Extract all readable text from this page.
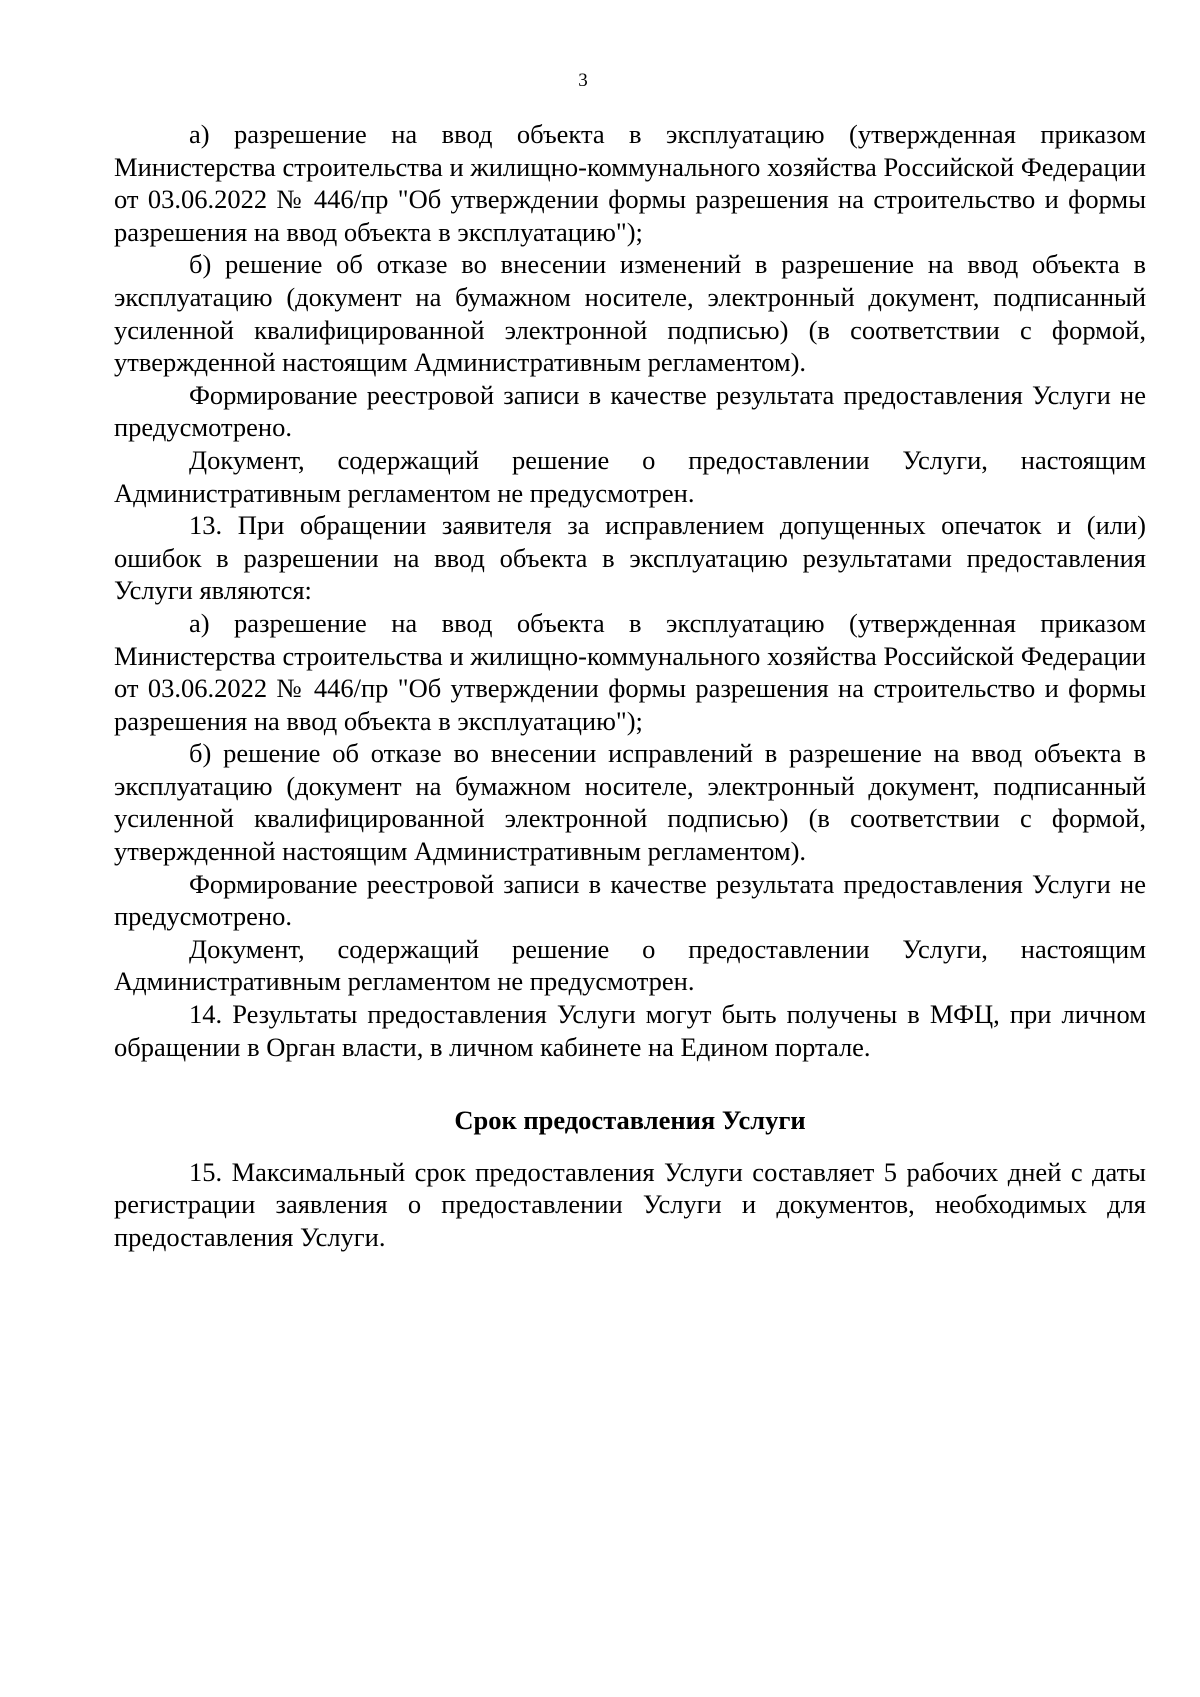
3

а) разрешение на ввод объекта в эксплуатацию (утвержденная приказом Министерства строительства и жилищно-коммунального хозяйства Российской Федерации от 03.06.2022 № 446/пр "Об утверждении формы разрешения на строительство и формы разрешения на ввод объекта в эксплуатацию");

б) решение об отказе во внесении изменений в разрешение на ввод объекта в эксплуатацию (документ на бумажном носителе, электронный документ, подписанный усиленной квалифицированной электронной подписью) (в соответствии с формой, утвержденной настоящим Административным регламентом).

Формирование реестровой записи в качестве результата предоставления Услуги не предусмотрено.

Документ, содержащий решение о предоставлении Услуги, настоящим Административным регламентом не предусмотрен.

13. При обращении заявителя за исправлением допущенных опечаток и (или) ошибок в разрешении на ввод объекта в эксплуатацию результатами предоставления Услуги являются:

а) разрешение на ввод объекта в эксплуатацию (утвержденная приказом Министерства строительства и жилищно-коммунального хозяйства Российской Федерации от 03.06.2022 № 446/пр "Об утверждении формы разрешения на строительство и формы разрешения на ввод объекта в эксплуатацию");

б) решение об отказе во внесении исправлений в разрешение на ввод объекта в эксплуатацию (документ на бумажном носителе, электронный документ, подписанный усиленной квалифицированной электронной подписью) (в соответствии с формой, утвержденной настоящим Административным регламентом).

Формирование реестровой записи в качестве результата предоставления Услуги не предусмотрено.

Документ, содержащий решение о предоставлении Услуги, настоящим Административным регламентом не предусмотрен.

14. Результаты предоставления Услуги могут быть получены в МФЦ, при личном обращении в Орган власти, в личном кабинете на Едином портале.

Срок предоставления Услуги

15. Максимальный срок предоставления Услуги составляет 5 рабочих дней с даты регистрации заявления о предоставлении Услуги и документов, необходимых для предоставления Услуги.
